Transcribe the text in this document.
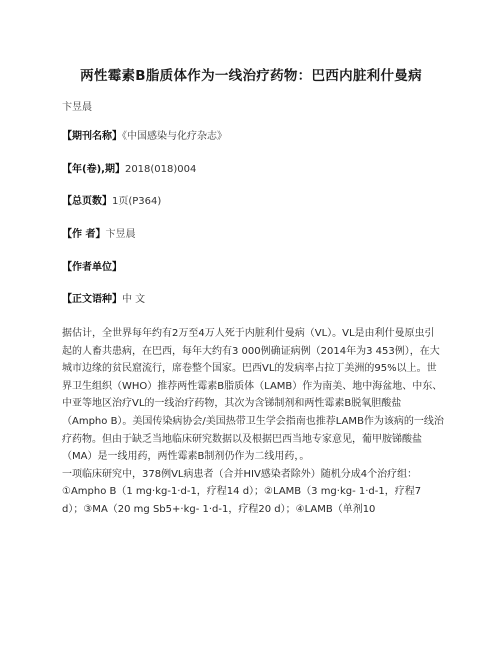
两性霉素B脂质体作为一线治疗药物：巴西内脏利什曼病
卞昱晨
【期刊名称】《中国感染与化疗杂志》
【年(卷),期】2018(018)004
【总页数】1页(P364)
【作 者】卞昱晨
【作者单位】
【正文语种】中 文

据估计，全世界每年约有2万至4万人死于内脏利什曼病（VL）。VL是由利什曼原虫引起的人畜共患病，在巴西，每年大约有3 000例确证病例（2014年为3 453例），在大城市边缘的贫民窟流行，席卷整个国家。巴西VL的发病率占拉丁美洲的95%以上。世界卫生组织（WHO）推荐两性霉素B脂质体（LAMB）作为南美、地中海盆地、中东、中亚等地区治疗VL的一线治疗药物，其次为含锑制剂和两性霉素B脱氧胆酸盐（Ampho B）。美国传染病协会/美国热带卫生学会指南也推荐LAMB作为该病的一线治疗药物。但由于缺乏当地临床研究数据以及根据巴西当地专家意见，葡甲胺锑酸盐（MA）是一线用药，两性霉素B制剂仍作为二线用药，。

一项临床研究中，378例VL病患者（合并HIV感染者除外）随机分成4个治疗组：①Ampho B（1 mg·kg-1·d-1，疗程14 d）；②LAMB（3 mg·kg- 1·d-1，疗程7 d）；③MA（20 mg Sb5+·kg- 1·d-1，疗程20 d）；④LAMB（单剂10
